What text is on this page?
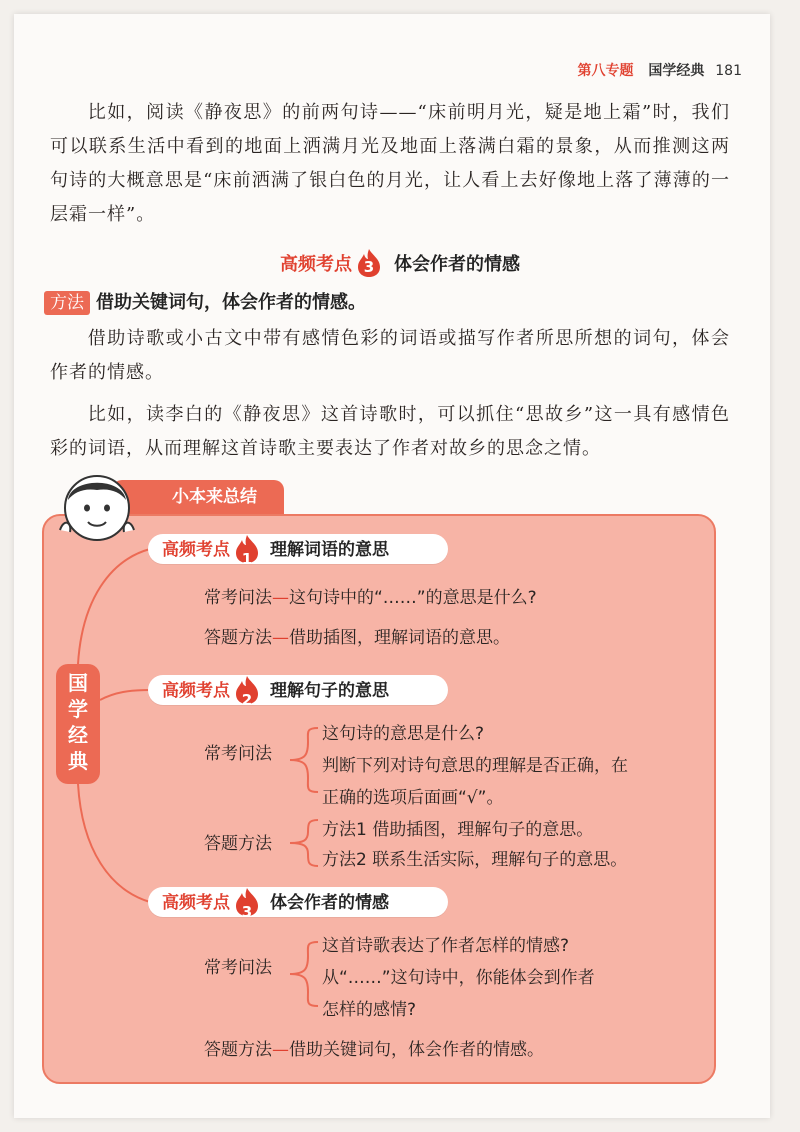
第八专题 国学经典 181

比如，阅读《静夜思》的前两句诗——“床前明月光，疑是地上霜”时，我们可以联系生活中看到的地面上洒满月光及地面上落满白霜的景象，从而推测这两句诗的大概意思是“床前洒满了银白色的月光，让人看上去好像地上落了薄薄的一层霜一样”。

高频考点 3	体会作者的情感
方法 借助关键词句，体会作者的情感。

借助诗歌或小古文中带有感情色彩的词语或描写作者所思所想的词句，体会作者的情感。

比如，读李白的《静夜思》这首诗歌时，可以抓住“思故乡”这一具有感情色彩的词语，从而理解这首诗歌主要表达了作者对故乡的思念之情。

小本来总结
国
学
经
典
高频考点 1	理解词语的意思

常考问法—这句诗中的“……”的意思是什么?

答题方法—借助插图，理解词语的意思。

高频考点 2	理解句子的意思

常考问法

这句诗的意思是什么?

判断下列对诗句意思的理解是否正确，在

正确的选项后面画“√”。

答题方法

方法1 借助插图，理解句子的意思。

方法2 联系生活实际，理解句子的意思。

高频考点 3	体会作者的情感

常考问法

这首诗歌表达了作者怎样的情感?

从“……”这句诗中，你能体会到作者

怎样的感情?

答题方法—借助关键词句，体会作者的情感。
